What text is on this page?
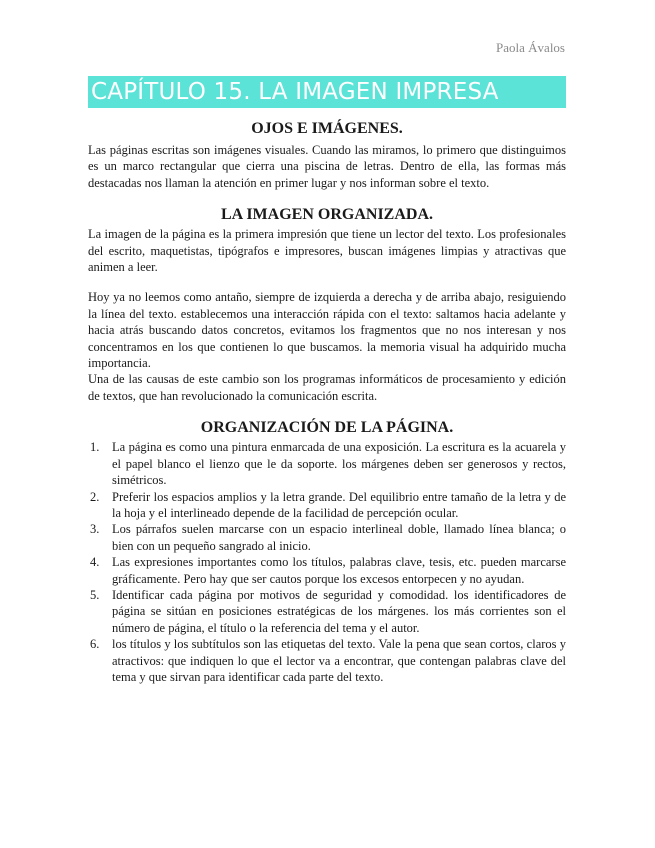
Paola Ávalos
CAPÍTULO 15. LA IMAGEN IMPRESA
OJOS E IMÁGENES.

Las páginas escritas son imágenes visuales. Cuando las miramos, lo primero que distinguimos es un marco rectangular que cierra una piscina de letras. Dentro de ella, las formas más destacadas nos llaman la atención en primer lugar y nos informan sobre el texto.

LA IMAGEN ORGANIZADA.

La imagen de la página es la primera impresión que tiene un lector del texto. Los profesionales del escrito, maquetistas, tipógrafos e impresores, buscan imágenes limpias y atractivas que animen a leer.

Hoy ya no leemos como antaño, siempre de izquierda a derecha y de arriba abajo, resiguiendo la línea del texto. establecemos una interacción rápida con el texto: saltamos hacia adelante y hacia atrás buscando datos concretos, evitamos los fragmentos que no nos interesan y nos concentramos en los que contienen lo que buscamos. la memoria visual ha adquirido mucha importancia.

Una de las causas de este cambio son los programas informáticos de procesamiento y edición de textos, que han revolucionado la comunicación escrita.

ORGANIZACIÓN DE LA PÁGINA.
1. La página es como una pintura enmarcada de una exposición. La escritura es la acuarela y el papel blanco el lienzo que le da soporte. los márgenes deben ser generosos y rectos, simétricos.
2. Preferir los espacios amplios y la letra grande. Del equilibrio entre tamaño de la letra y de la hoja y el interlineado depende de la facilidad de percepción ocular.
3. Los párrafos suelen marcarse con un espacio interlineal doble, llamado línea blanca; o bien con un pequeño sangrado al inicio.
4. Las expresiones importantes como los títulos, palabras clave, tesis, etc. pueden marcarse gráficamente. Pero hay que ser cautos porque los excesos entorpecen y no ayudan.
5. Identificar cada página por motivos de seguridad y comodidad. los identificadores de página se sitúan en posiciones estratégicas de los márgenes. los más corrientes son el número de página, el título o la referencia del tema y el autor.
6. los títulos y los subtítulos son las etiquetas del texto. Vale la pena que sean cortos, claros y atractivos: que indiquen lo que el lector va a encontrar, que contengan palabras clave del tema y que sirvan para identificar cada parte del texto.
